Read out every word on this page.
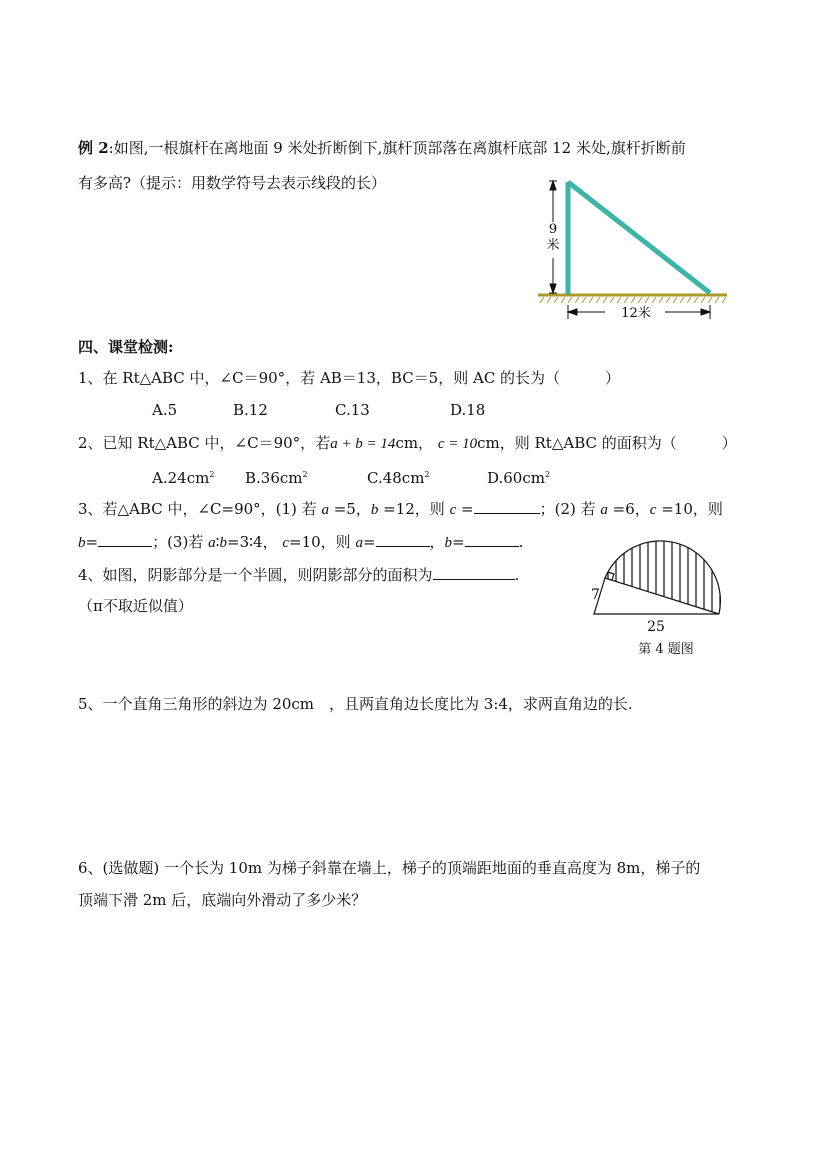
例 2:如图,一根旗杆在离地面 9 米处折断倒下,旗杆顶部落在离旗杆底部 12 米处,旗杆折断前
有多高?（提示：用数学符号去表示线段的长）
9
米
12米
7
25
第 4 题图
四、课堂检测:
1、在 Rt△ABC 中，∠C＝90°，若 AB＝13，BC＝5，则 AC 的长为（　　　）
A.5	B.12	C.13	D.18
2、已知 Rt△ABC 中，∠C＝90°，若a + b = 14cm， c = 10cm，则 Rt△ABC 的面积为（　　　）
$A.24cm^2$ $B.36cm^2$	$C.48cm^2$	$D.60cm^2$
3、若△ABC 中，∠C=90°，(1) 若 a =5，b =12，则 c =	；(2) 若 a =6，c =10，则
b=	；(3)若 a∶b=3∶4， c=10，则 a=	，b=	.
4、如图，阴影部分是一个半圆，则阴影部分的面积为	.
（π不取近似值）
5、一个直角三角形的斜边为 20cm　，且两直角边长度比为 3:4，求两直角边的长.
6、(选做题) 一个长为 10m 为梯子斜靠在墙上，梯子的顶端距地面的垂直高度为 8m，梯子的
顶端下滑 2m 后，底端向外滑动了多少米？
